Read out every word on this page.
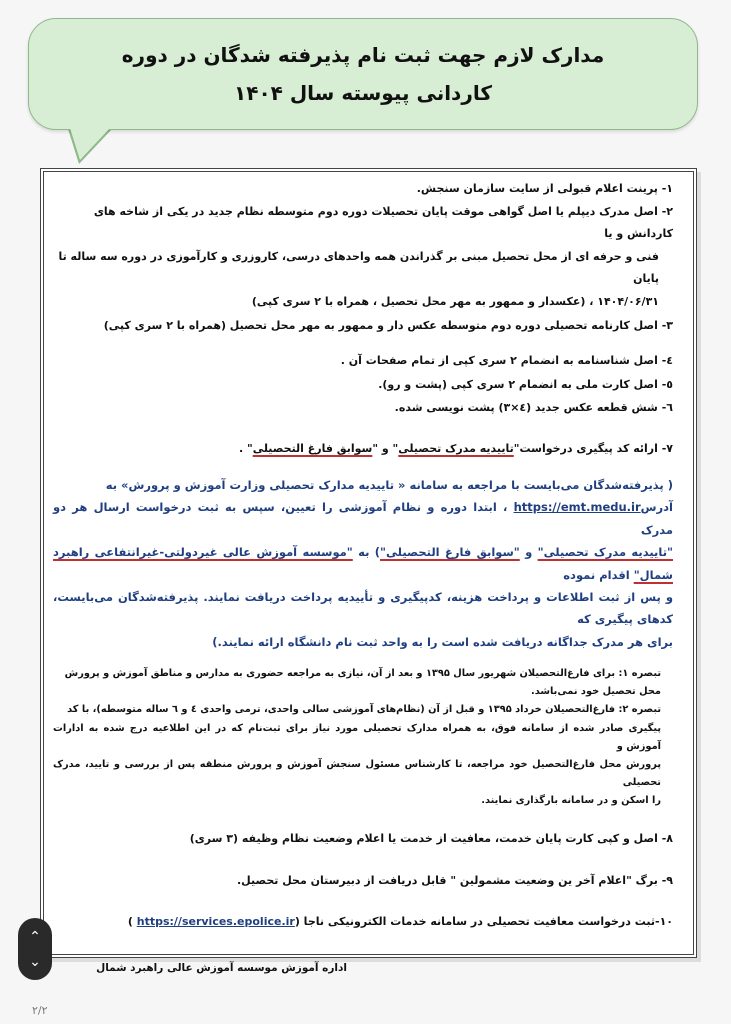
مدارک لازم جهت ثبت نام پذیرفته شدگان در دوره
کاردانی پیوسته سال ۱۴۰۴
۱- پرینت اعلام قبولی از سایت سازمان سنجش.
۲- اصل مدرک دیپلم یا اصل گواهی موقت پایان تحصیلات دوره دوم متوسطه نظام جدید در یکی از شاخه های کاردانش و یا
فنی و حرفه ای از محل تحصیل مبنی بر گذراندن همه واحدهای درسی، کاروزری و کارآموزی در دوره سه ساله تا پایان
۱۴۰۴/۰۶/۳۱ ، (عکسدار و ممهور به مهر محل تحصیل ، همراه با ۲ سری کپی)
۳- اصل کارنامه تحصیلی دوره دوم متوسطه عکس دار و ممهور به مهر محل تحصیل (همراه با ۲ سری کپی)
٤- اصل شناسنامه به انضمام ۲ سری کپی از تمام صفحات آن .
٥- اصل کارت ملی به انضمام ۲ سری کپی (پشت و رو).
٦- شش قطعه عکس جدید (٤×۳) پشت نویسی شده.
۷- ارائه کد پیگیری درخواست"تاییدیه مدرک تحصیلی" و "سوابق فارغ التحصیلی" .
( پذیرفته‌شدگان می‌بایست با مراجعه به سامانه « تاییدیه مدارک تحصیلی وزارت آموزش و پرورش» به
آدرسhttps://emt.medu.ir ، ابتدا دوره و نظام آموزشی را تعیین، سپس به ثبت درخواست ارسال هر دو مدرک
"تاییدیه مدرک تحصیلی" و "سوابق فارغ التحصیلی") به "موسسه آموزش عالی غیردولتی-غیرانتفاعی راهبرد شمال" اقدام نموده
و پس از ثبت اطلاعات و پرداخت هزینه، کدپیگیری و تأییدیه پرداخت دریافت نمایند. پذیرفته‌شدگان می‌بایست، کدهای پیگیری که
برای هر مدرک جداگانه دریافت شده است را به واحد ثبت نام دانشگاه ارائه نمایند.)
تبصره ۱: برای فارغ‌التحصیلان شهریور سال ۱۳۹۵ و بعد از آن، نیازی به مراجعه حضوری به مدارس و مناطق آموزش و پرورش
محل تحصیل خود نمی‌باشد.
تبصره ۲: فارغ‌التحصیلان خرداد ۱۳۹۵ و قبل از آن (نظام‌های آموزشی سالی واحدی، ترمی واحدی ٤ و ٦ ساله متوسطه)، با کد
پیگیری صادر شده از سامانه فوق، به همراه مدارک تحصیلی مورد نیاز برای ثبت‌نام که در این اطلاعیه درج شده به ادارات آموزش و
پرورش محل فارغ‌التحصیل خود مراجعه، تا کارشناس مسئول سنجش آموزش و پرورش منطقه پس از بررسی و تایید، مدرک تحصیلی
را اسکن و در سامانه بارگذاری نمایند.
۸- اصل و کپی کارت پایان خدمت، معافیت از خدمت یا اعلام وضعیت نظام وظیفه (۳ سری)
۹- برگ "اعلام آخر ین وضعیت مشمولین " قابل دریافت از دبیرستان محل تحصیل.
۱۰-ثبت درخواست معافیت تحصیلی در سامانه خدمات الکترونیکی ناجا (https://services.epolice.ir )
⌃
⌄	اداره آموزش موسسه آموزش عالی راهبرد شمال
۲/۲
